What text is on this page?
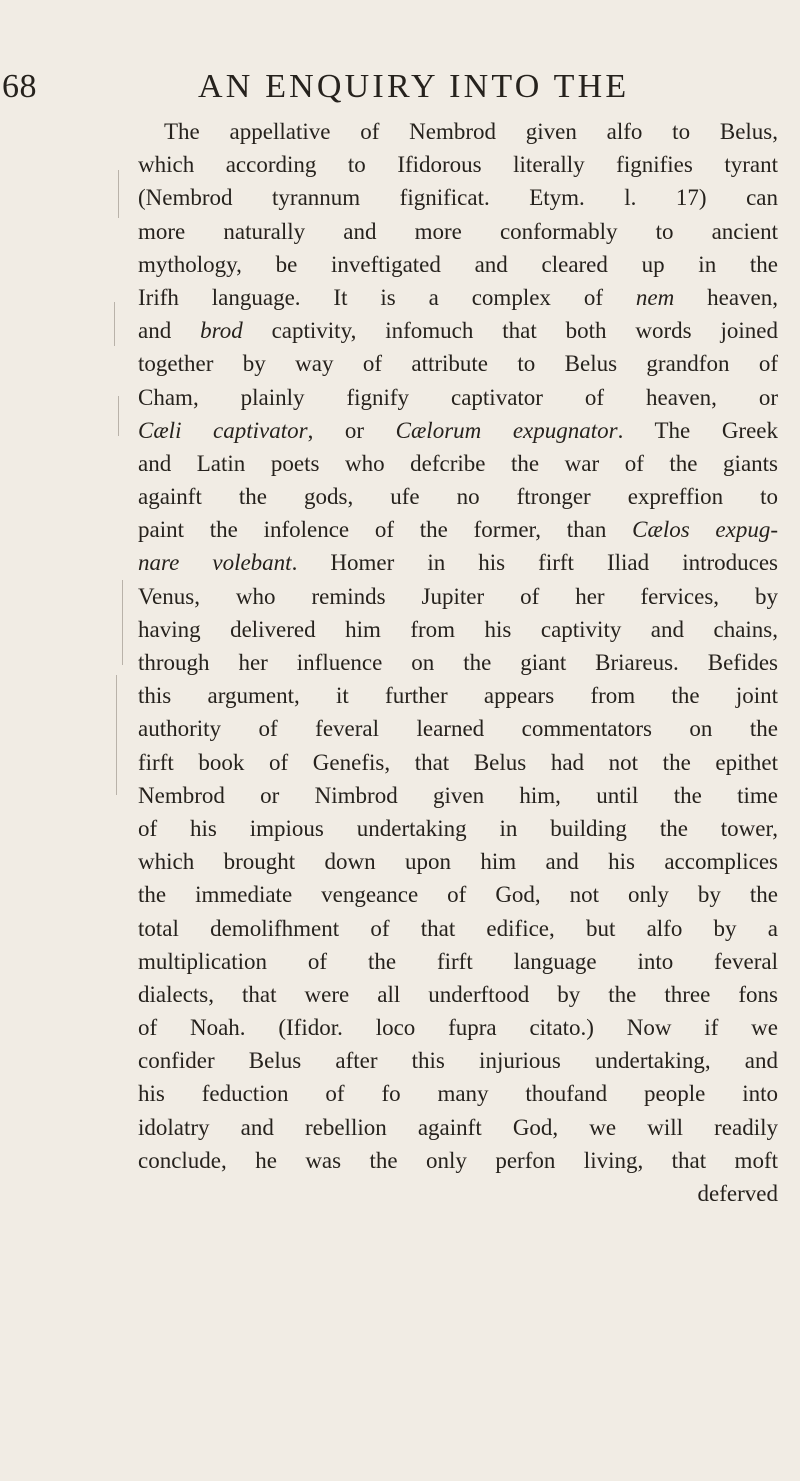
68	AN ENQUIRY INTO THE
The appellative of Nembrod given alfo to Belus,
which according to Ifidorous literally fignifies tyrant
(Nembrod tyrannum fignificat. Etym. l. 17) can
more naturally and more conformably to ancient
mythology, be inveftigated and cleared up in the
Irifh language. It is a complex of nem heaven,
and brod captivity, infomuch that both words joined
together by way of attribute to Belus grandfon of
Cham, plainly fignify captivator of heaven, or
Cæli captivator, or Cælorum expugnator. The Greek
and Latin poets who defcribe the war of the giants
againft the gods, ufe no ftronger expreffion to
paint the infolence of the former, than Cælos expug-
nare volebant. Homer in his firft Iliad introduces
Venus, who reminds Jupiter of her fervices, by
having delivered him from his captivity and chains,
through her influence on the giant Briareus. Befides
this argument, it further appears from the joint
authority of feveral learned commentators on the
firft book of Genefis, that Belus had not the epithet
Nembrod or Nimbrod given him, until the time
of his impious undertaking in building the tower,
which brought down upon him and his accomplices
the immediate vengeance of God, not only by the
total demolifhment of that edifice, but alfo by a
multiplication of the firft language into feveral
dialects, that were all underftood by the three fons
of Noah. (Ifidor. loco fupra citato.) Now if we
confider Belus after this injurious undertaking, and
his feduction of fo many thoufand people into
idolatry and rebellion againft God, we will readily
conclude, he was the only perfon living, that moft
deferved
